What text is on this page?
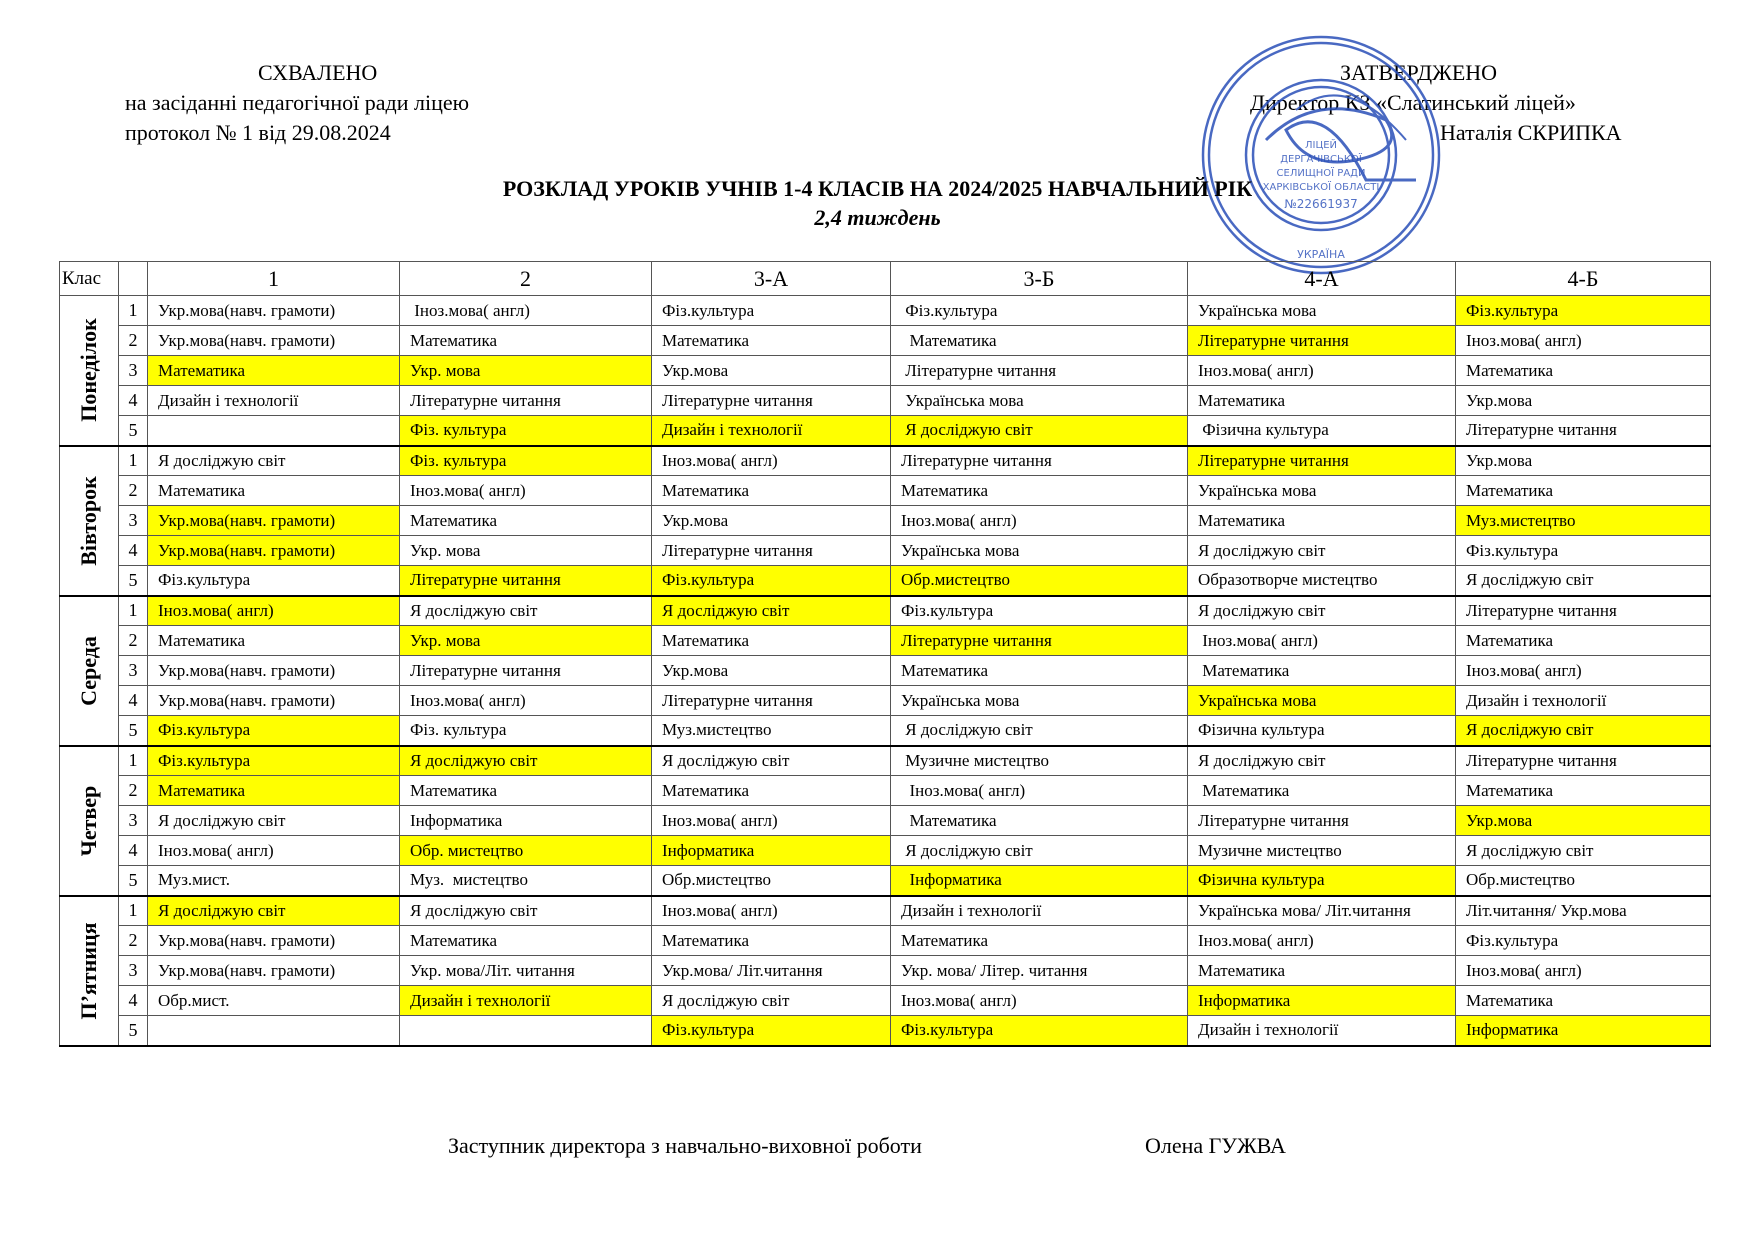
СХВАЛЕНО
на засіданні педагогічної ради ліцею
протокол № 1 від 29.08.2024
ЗАТВЕРДЖЕНО
Директор КЗ «Слатинський ліцей»
Наталія СКРИПКА
ЛІЦЕЙ
ДЕРГАЧІВСЬКОЇ
СЕЛИЩНОЇ РАДИ
ХАРКІВСЬКОЇ ОБЛАСТІ
№22661937
УКРАЇНА
РОЗКЛАД УРОКІВ УЧНІВ 1-4 КЛАСІВ НА 2024/2025 НАВЧАЛЬНИЙ РІК
2,4 тиждень
Клас		1	2	3-А	3-Б	4-А	4-Б

Понеділок	1	Укр.мова(навч. грамоти)	Іноз.мова( англ)	Фіз.культура	Фіз.культура	Українська мова	Фіз.культура
	2	Укр.мова(навч. грамоти)	Математика	Математика	Математика	Літературне читання	Іноз.мова( англ)
	3	Математика	Укр. мова	Укр.мова	Літературне читання	Іноз.мова( англ)	Математика
	4	Дизайн і технології	Літературне читання	Літературне читання	Українська мова	Математика	Укр.мова
	5		Фіз. культура	Дизайн і технології	Я досліджую світ	Фізична культура	Літературне читання

Вівторок	1	Я досліджую світ	Фіз. культура	Іноз.мова( англ)	Літературне читання	Літературне читання	Укр.мова
	2	Математика	Іноз.мова( англ)	Математика	Математика	Українська мова	Математика
	3	Укр.мова(навч. грамоти)	Математика	Укр.мова	Іноз.мова( англ)	Математика	Муз.мистецтво
	4	Укр.мова(навч. грамоти)	Укр. мова	Літературне читання	Українська мова	Я досліджую світ	Фіз.культура
	5	Фіз.культура	Літературне читання	Фіз.культура	Обр.мистецтво	Образотворче мистецтво	Я досліджую світ

Середа	1	Іноз.мова( англ)	Я досліджую світ	Я досліджую світ	Фіз.культура	Я досліджую світ	Літературне читання
	2	Математика	Укр. мова	Математика	Літературне читання	Іноз.мова( англ)	Математика
	3	Укр.мова(навч. грамоти)	Літературне читання	Укр.мова	Математика	Математика	Іноз.мова( англ)
	4	Укр.мова(навч. грамоти)	Іноз.мова( англ)	Літературне читання	Українська мова	Українська мова	Дизайн і технології
	5	Фіз.культура	Фіз. культура	Муз.мистецтво	Я досліджую світ	Фізична культура	Я досліджую світ

Четвер	1	Фіз.культура	Я досліджую світ	Я досліджую світ	Музичне мистецтво	Я досліджую світ	Літературне читання
	2	Математика	Математика	Математика	Іноз.мова( англ)	Математика	Математика
	3	Я досліджую світ	Інформатика	Іноз.мова( англ)	Математика	Літературне читання	Укр.мова
	4	Іноз.мова( англ)	Обр. мистецтво	Інформатика	Я досліджую світ	Музичне мистецтво	Я досліджую світ
	5	Муз.мист.	Муз.  мистецтво	Обр.мистецтво	Інформатика	Фізична культура	Обр.мистецтво

П’ятниця	1	Я досліджую світ	Я досліджую світ	Іноз.мова( англ)	Дизайн і технології	Українська мова/ Літ.читання	Літ.читання/ Укр.мова
	2	Укр.мова(навч. грамоти)	Математика	Математика	Математика	Іноз.мова( англ)	Фіз.культура
	3	Укр.мова(навч. грамоти)	Укр. мова/Літ. читання	Укр.мова/ Літ.читання	Укр. мова/ Літер. читання	Математика	Іноз.мова( англ)
	4	Обр.мист.	Дизайн і технології	Я досліджую світ	Іноз.мова( англ)	Інформатика	Математика
	5			Фіз.культура	Фіз.культура	Дизайн і технології	Інформатика
Заступник директора з навчально-виховної роботи	Олена ГУЖВА
